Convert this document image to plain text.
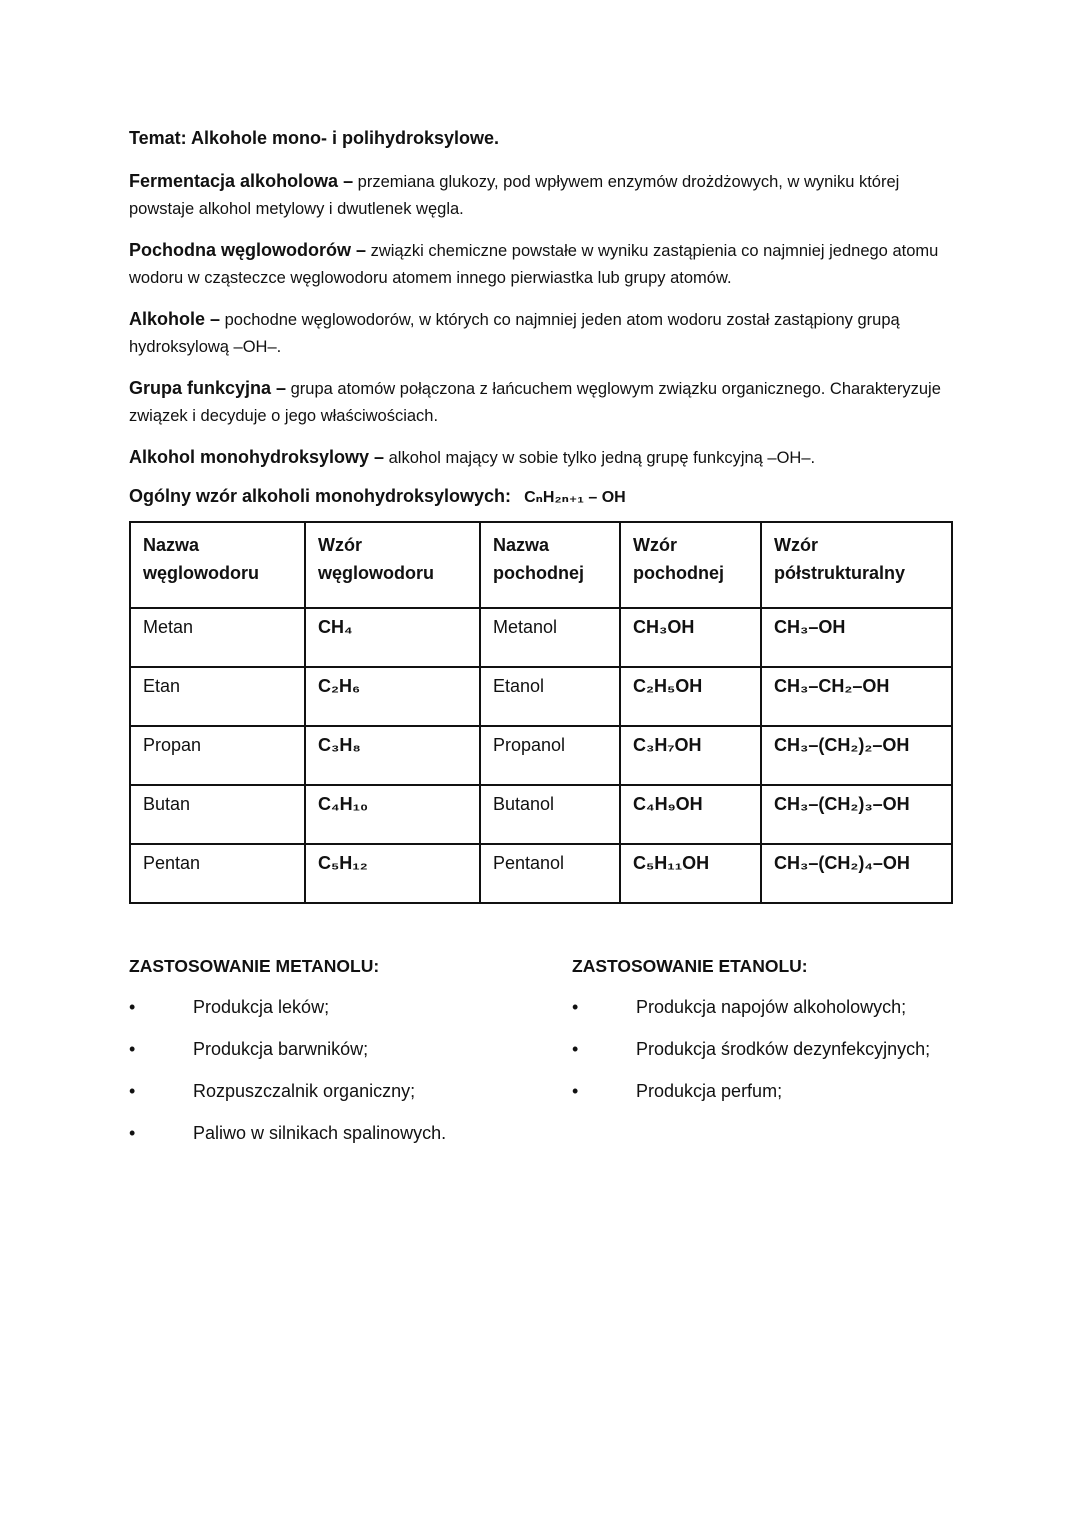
Temat: Alkohole mono- i polihydroksylowe.

Fermentacja alkoholowa – przemiana glukozy, pod wpływem enzymów drożdżowych, w wyniku której powstaje alkohol metylowy i dwutlenek węgla.

Pochodna węglowodorów – związki chemiczne powstałe w wyniku zastąpienia co najmniej jednego atomu wodoru w cząsteczce węglowodoru atomem innego pierwiastka lub grupy atomów.

Alkohole – pochodne węglowodorów, w których co najmniej jeden atom wodoru został zastąpiony grupą hydroksylową –OH–.

Grupa funkcyjna – grupa atomów połączona z łańcuchem węglowym związku organicznego. Charakteryzuje związek i decyduje o jego właściwościach.

Alkohol monohydroksylowy – alkohol mający w sobie tylko jedną grupę funkcyjną –OH–.

Ogólny wzór alkoholi monohydroksylowych: CₙH₂ₙ₊₁ – OH
Nazwa węglowodoru	Wzór węglowodoru	Nazwa pochodnej	Wzór pochodnej	Wzór półstrukturalny
Metan	CH₄	Metanol	CH₃OH	CH₃–OH
Etan	C₂H₆	Etanol	C₂H₅OH	CH₃–CH₂–OH
Propan	C₃H₈	Propanol	C₃H₇OH	CH₃–(CH₂)₂–OH
Butan	C₄H₁₀	Butanol	C₄H₉OH	CH₃–(CH₂)₃–OH
Pentan	C₅H₁₂	Pentanol	C₅H₁₁OH	CH₃–(CH₂)₄–OH
ZASTOSOWANIE METANOLU:
•	Produkcja leków;
•	Produkcja barwników;
•	Rozpuszczalnik organiczny;
•	Paliwo w silnikach spalinowych.
ZASTOSOWANIE ETANOLU:
•	Produkcja napojów alkoholowych;
•	Produkcja środków dezynfekcyjnych;
•	Produkcja perfum;
